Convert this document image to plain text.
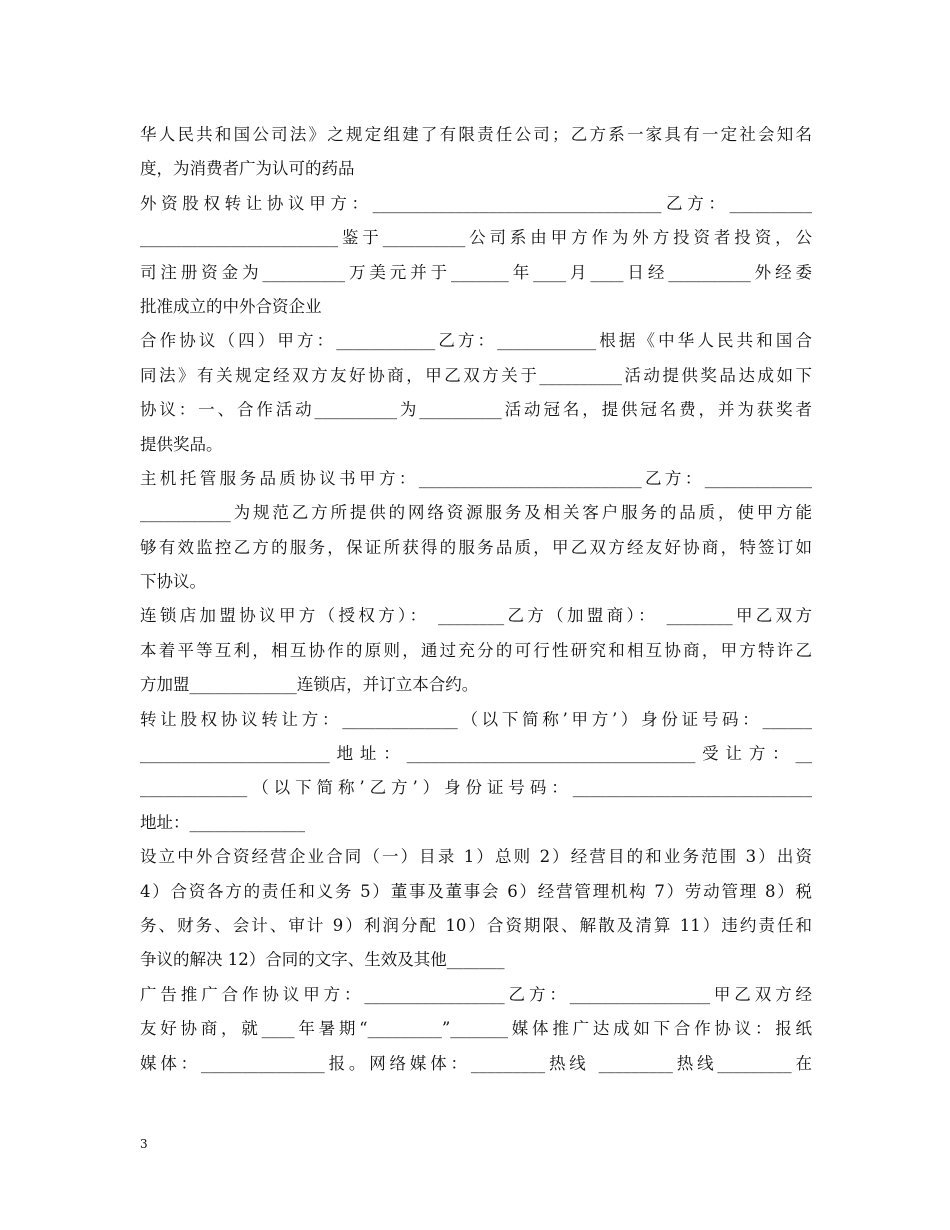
华人民共和国公司法》之规定组建了有限责任公司；乙方系一家具有一定社会知名
度，为消费者广为认可的药品
外资股权转让协议甲方：___________________________________乙方：__________
________________________鉴于__________公司系由甲方作为外方投资者投资，公
司注册资金为__________万美元并于_______年____月____日经__________外经委
批准成立的中外合资企业
合作协议（四）甲方：____________乙方：____________根据《中华人民共和国合
同法》有关规定经双方友好协商，甲乙双方关于__________活动提供奖品达成如下
协议：一、合作活动__________为__________活动冠名，提供冠名费，并为获奖者
提供奖品。
主机托管服务品质协议书甲方：___________________________乙方：_____________
___________为规范乙方所提供的网络资源服务及相关客户服务的品质，使甲方能
够有效监控乙方的服务，保证所获得的服务品质，甲乙双方经友好协商，特签订如
下协议。
连锁店加盟协议甲方（授权方）： ________乙方（加盟商）： ________甲乙双方
本着平等互利，相互协作的原则，通过充分的可行性研究和相互协商，甲方特许乙
方加盟_____________连锁店，并订立本合约。
转让股权协议转让方：______________（以下简称’甲方’）身份证号码：______
_______________________地址：___________________________________受让方：__
_____________（以下简称’乙方’）身份证号码：_____________________________
地址：______________
设立中外合资经营企业合同（一）目录 1）总则 2）经营目的和业务范围 3）出资
4）合资各方的责任和义务 5）董事及董事会 6）经营管理机构 7）劳动管理 8）税
务、财务、会计、审计 9）利润分配 10）合资期限、解散及清算 11）违约责任和
争议的解决 12）合同的文字、生效及其他_______
广告推广合作协议甲方：_________________乙方：_________________甲乙双方经
友好协商，就____年暑期“_________”_______媒体推广达成如下合作协议：报纸
媒体：_______________报。网络媒体：_________热线 _________热线_________在
3
